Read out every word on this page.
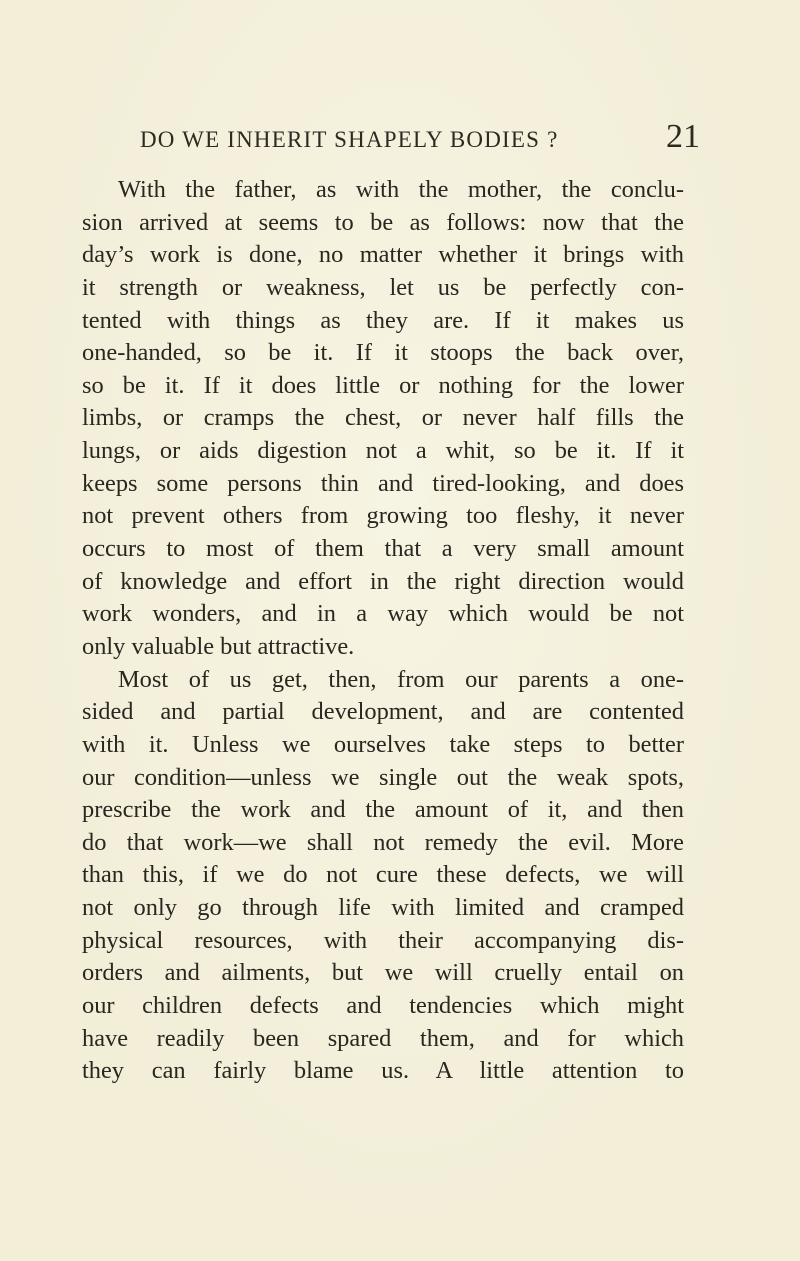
DO WE INHERIT SHAPELY BODIES ?	21
With the father, as with the mother, the conclu-
sion arrived at seems to be as follows: now that the
day’s work is done, no matter whether it brings with
it strength or weakness, let us be perfectly con-
tented with things as they are. If it makes us
one-handed, so be it. If it stoops the back over,
so be it. If it does little or nothing for the lower
limbs, or cramps the chest, or never half fills the
lungs, or aids digestion not a whit, so be it. If it
keeps some persons thin and tired-looking, and does
not prevent others from growing too fleshy, it never
occurs to most of them that a very small amount
of knowledge and effort in the right direction would
work wonders, and in a way which would be not
only valuable but attractive.
Most of us get, then, from our parents a one-
sided and partial development, and are contented
with it. Unless we ourselves take steps to better
our condition—unless we single out the weak spots,
prescribe the work and the amount of it, and then
do that work—we shall not remedy the evil. More
than this, if we do not cure these defects, we will
not only go through life with limited and cramped
physical resources, with their accompanying dis-
orders and ailments, but we will cruelly entail on
our children defects and tendencies which might
have readily been spared them, and for which
they can fairly blame us. A little attention to
